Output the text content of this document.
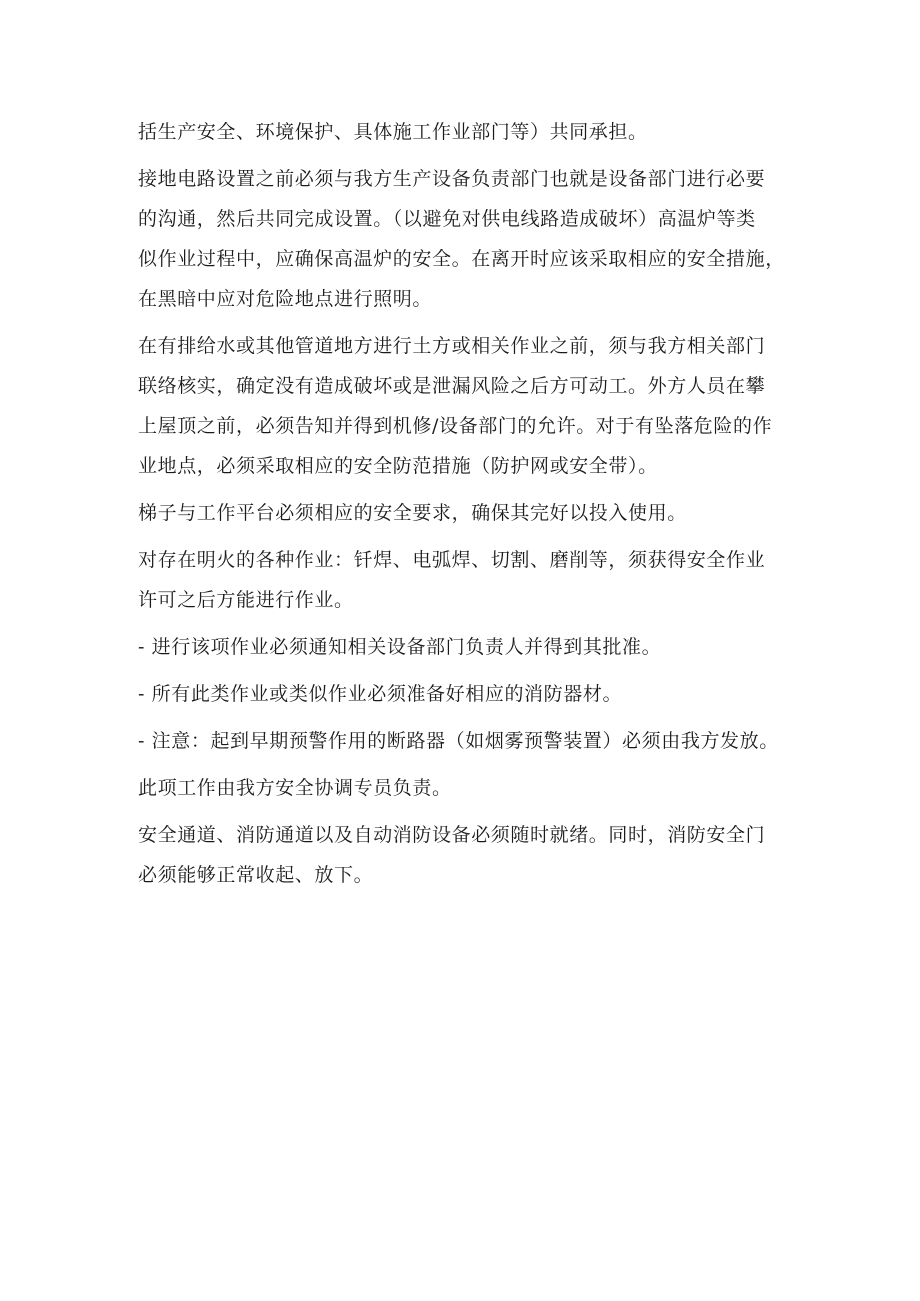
括生产安全、环境保护、具体施工作业部门等）共同承担。
接地电路设置之前必须与我方生产设备负责部门也就是设备部门进行必要
的沟通，然后共同完成设置。（以避免对供电线路造成破坏）高温炉等类
似作业过程中，应确保高温炉的安全。在离开时应该采取相应的安全措施，
在黑暗中应对危险地点进行照明。
在有排给水或其他管道地方进行土方或相关作业之前，须与我方相关部门
联络核实，确定没有造成破坏或是泄漏风险之后方可动工。外方人员在攀
上屋顶之前，必须告知并得到机修/设备部门的允许。对于有坠落危险的作
业地点，必须采取相应的安全防范措施（防护网或安全带）。
梯子与工作平台必须相应的安全要求，确保其完好以投入使用。
对存在明火的各种作业：钎焊、电弧焊、切割、磨削等，须获得安全作业
许可之后方能进行作业。
- 进行该项作业必须通知相关设备部门负责人并得到其批准。
- 所有此类作业或类似作业必须准备好相应的消防器材。
- 注意：起到早期预警作用的断路器（如烟雾预警装置）必须由我方发放。
此项工作由我方安全协调专员负责。
安全通道、消防通道以及自动消防设备必须随时就绪。同时，消防安全门
必须能够正常收起、放下。
